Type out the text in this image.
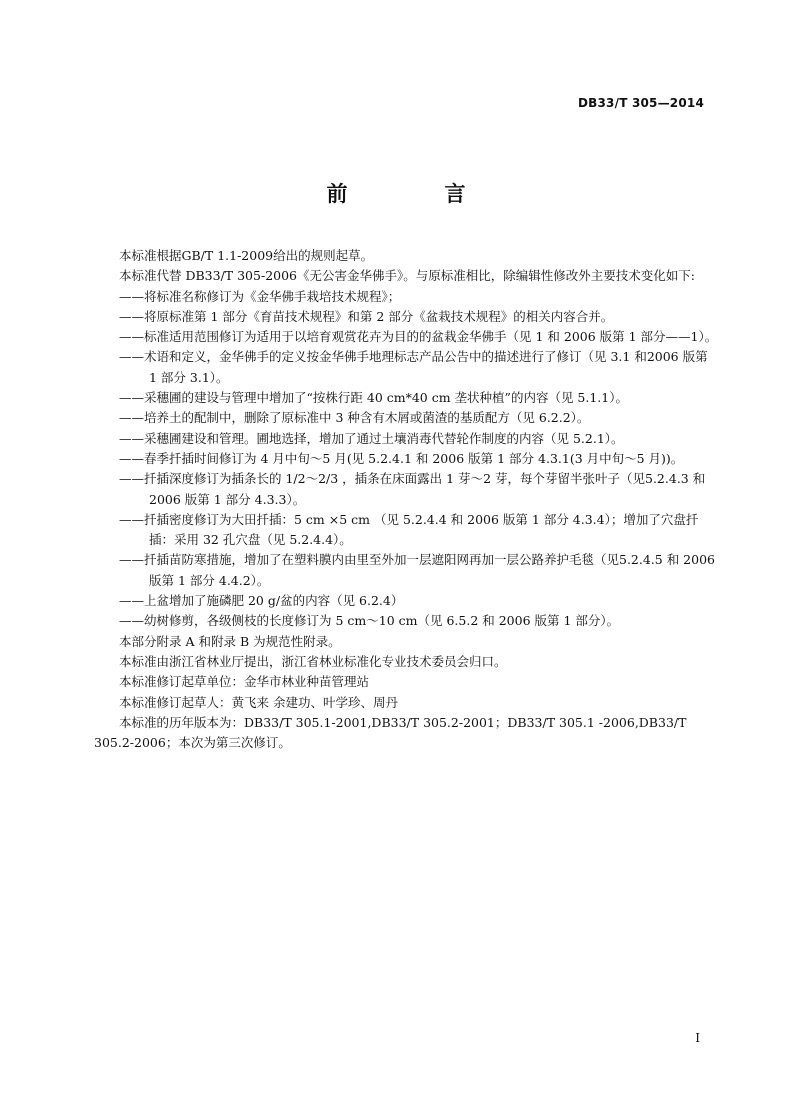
DB33/T 305—2014
前　言

本标准根据GB/T 1.1-2009给出的规则起草。

本标准代替 DB33/T 305-2006《无公害金华佛手》。与原标准相比，除编辑性修改外主要技术变化如下:

——将标准名称修订为《金华佛手栽培技术规程》；

——将原标准第 1 部分《育苗技术规程》和第 2 部分《盆栽技术规程》的相关内容合并。

——标准适用范围修订为适用于以培育观赏花卉为目的的盆栽金华佛手（见 1 和 2006 版第 1 部分——1）。

——术语和定义，金华佛手的定义按金华佛手地理标志产品公告中的描述进行了修订（见 3.1 和2006 版第 1 部分 3.1）。

——采穗圃的建设与管理中增加了“按株行距 40 cm*40 cm 垄状种植”的内容（见 5.1.1）。

——培养土的配制中，删除了原标准中 3 种含有木屑或菌渣的基质配方（见 6.2.2）。

——采穗圃建设和管理。圃地选择，增加了通过土壤消毒代替轮作制度的内容（见 5.2.1）。

——春季扦插时间修订为 4 月中旬～5 月(见 5.2.4.1 和 2006 版第 1 部分 4.3.1(3 月中旬～5 月))。

——扦插深度修订为插条长的 1/2～2/3 ，插条在床面露出 1 芽～2 芽，每个芽留半张叶子（见5.2.4.3 和 2006 版第 1 部分 4.3.3）。

——扦插密度修订为大田扦插：5 cm ×5 cm （见 5.2.4.4 和 2006 版第 1 部分 4.3.4）；增加了穴盘扦插：采用 32 孔穴盘（见 5.2.4.4）。

——扦插苗防寒措施，增加了在塑料膜内由里至外加一层遮阳网再加一层公路养护毛毯（见5.2.4.5 和 2006 版第 1 部分 4.4.2）。

——上盆增加了施磷肥 20 g/盆的内容（见 6.2.4）

——幼树修剪，各级侧枝的长度修订为 5 cm～10 cm（见 6.5.2 和 2006 版第 1 部分）。

本部分附录 A 和附录 B 为规范性附录。

本标准由浙江省林业厅提出，浙江省林业标准化专业技术委员会归口。

本标准修订起草单位：金华市林业种苗管理站

本标准修订起草人：黄飞来 余建功、叶学珍、周丹

本标准的历年版本为：DB33/T 305.1-2001,DB33/T 305.2-2001；DB33/T 305.1 -2006,DB33/T 305.2-2006；本次为第三次修订。

I
